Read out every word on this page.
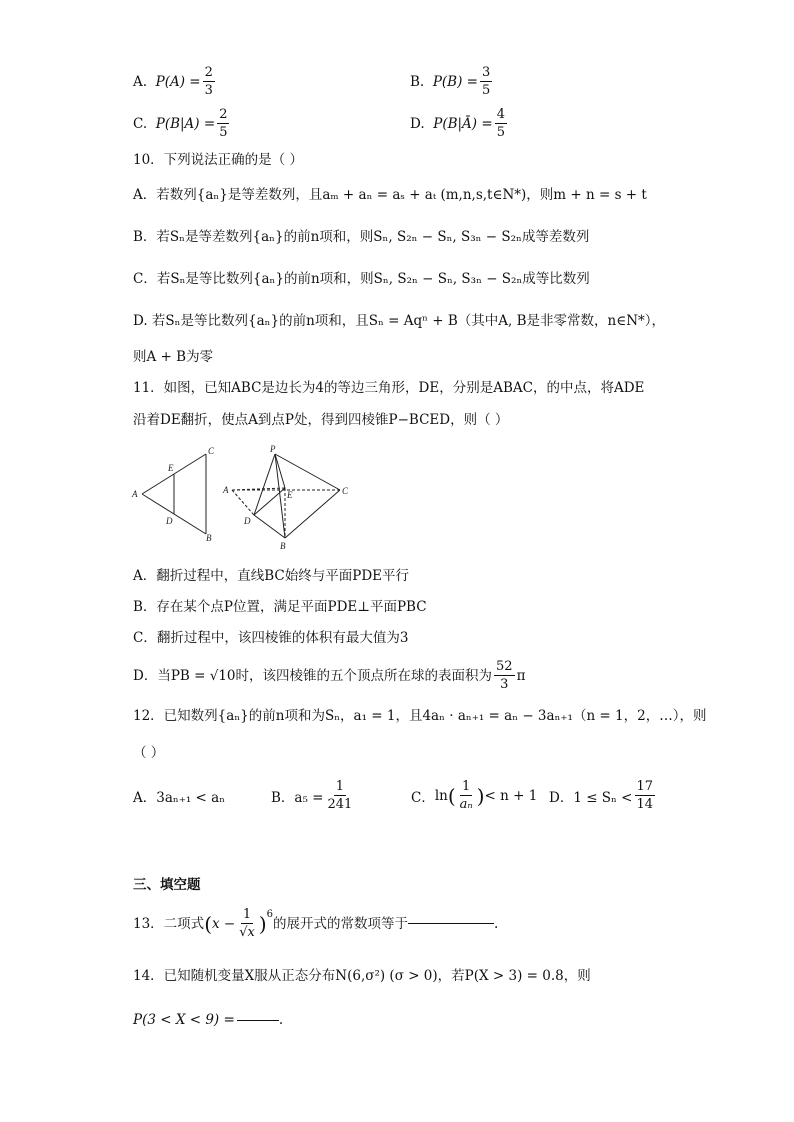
A.
$P(A) = \frac{2}{3}$	B.
$P(B) = \frac{3}{5}$
C.
$P(B|A) = \frac{2}{5}$	D.
P(B|Ā) = $\frac{4}{5}$
10．下列说法正确的是（ ）
A．若数列{aₙ}是等差数列，且aₘ + aₙ = aₛ + aₜ (m,n,s,t∈N*)，则m + n = s + t
B．若Sₙ是等差数列{aₙ}的前n项和，则Sₙ, S₂ₙ − Sₙ, S₃ₙ − S₂ₙ成等差数列
C．若Sₙ是等比数列{aₙ}的前n项和，则Sₙ, S₂ₙ − Sₙ, S₃ₙ − S₂ₙ成等比数列
D. 若Sₙ是等比数列{aₙ}的前n项和，且Sₙ = Aqⁿ + B（其中A, B是非零常数，n∈N*），
则A + B为零
11．如图，已知ABC是边长为4的等边三角形，DE，分别是ABAC，的中点，将ADE
沿着DE翻折，使点A到点P处，得到四棱锥P−BCED，则（ ）
A
E
C
D
B
P
A	E	C
D
B
A．翻折过程中，直线BC始终与平面PDE平行
B．存在某个点P位置，满足平面PDE⊥平面PBC
C．翻折过程中，该四棱锥的体积有最大值为3
D．当PB = √10时，该四棱锥的五个顶点所在球的表面积为 $\frac{52}{3}$ π
12．已知数列{aₙ}的前n项和为Sₙ，a₁ = 1，且4aₙ · aₙ₊₁ = aₙ − 3aₙ₊₁（n = 1，2，…），则
（ ）
A．3aₙ₊₁ < aₙ	B．$a_5 = \frac{1}{241}$	C． ln ( $\frac{1}{\text{aₙ}}$ ) < n + 1 D．$1 \le S_n < \frac{17}{14}$
三、填空题
13．二项式 ( $x - \frac{1}{√x} )^6$
的展开式的常数项等于	.
14．已知随机变量X服从正态分布N(6,σ²) (σ > 0)，若P(X > 3) = 0.8，则
P(3 < X < 9) =	.
